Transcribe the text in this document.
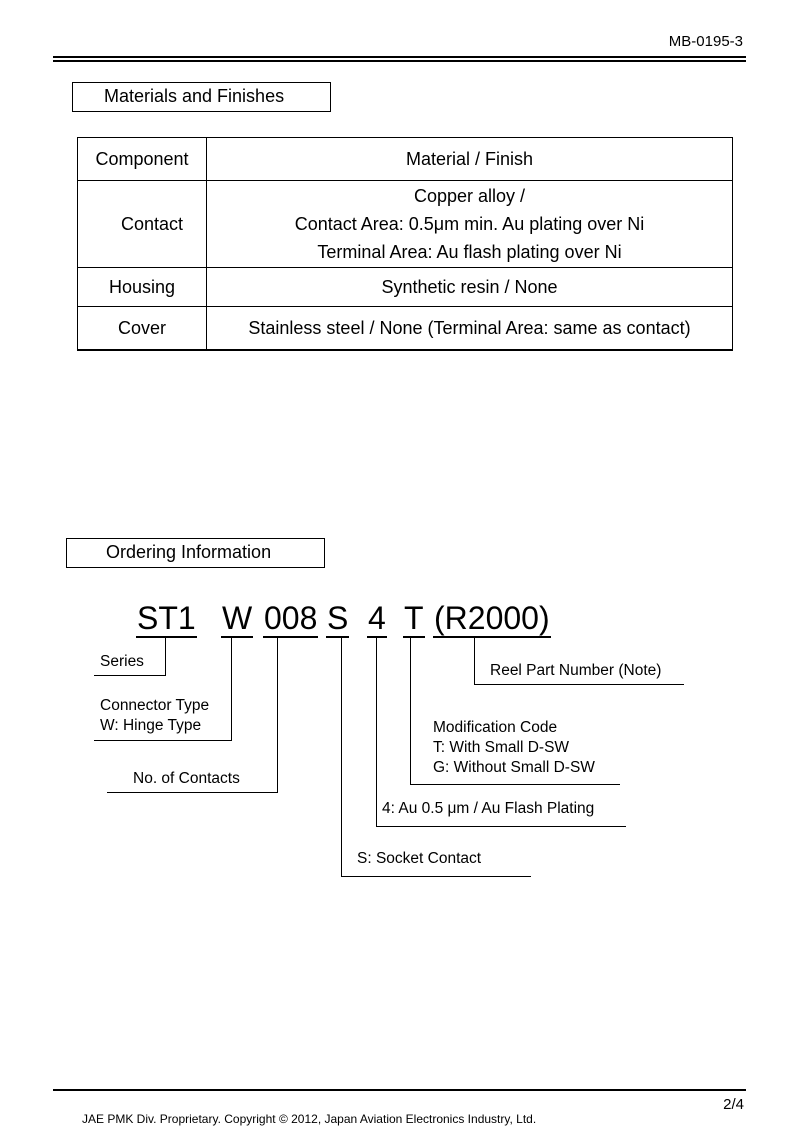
MB-0195-3
Materials and Finishes
Component	Material / Finish
Contact	Copper alloy /
Contact Area: 0.5μm min. Au plating over Ni
Terminal Area: Au flash plating over Ni

Housing	Synthetic resin / None
Cover	Stainless steel / None (Terminal Area: same as contact)
Ordering Information
ST1 W 008 S 4 T (R2000)
Series
Connector Type
W: Hinge Type
No. of Contacts
S: Socket Contact
4: Au 0.5 μm / Au Flash Plating
Modification Code
T: With Small D-SW
G: Without Small D-SW
Reel Part Number (Note)
2/4
JAE PMK Div. Proprietary. Copyright © 2012, Japan Aviation Electronics Industry, Ltd.
